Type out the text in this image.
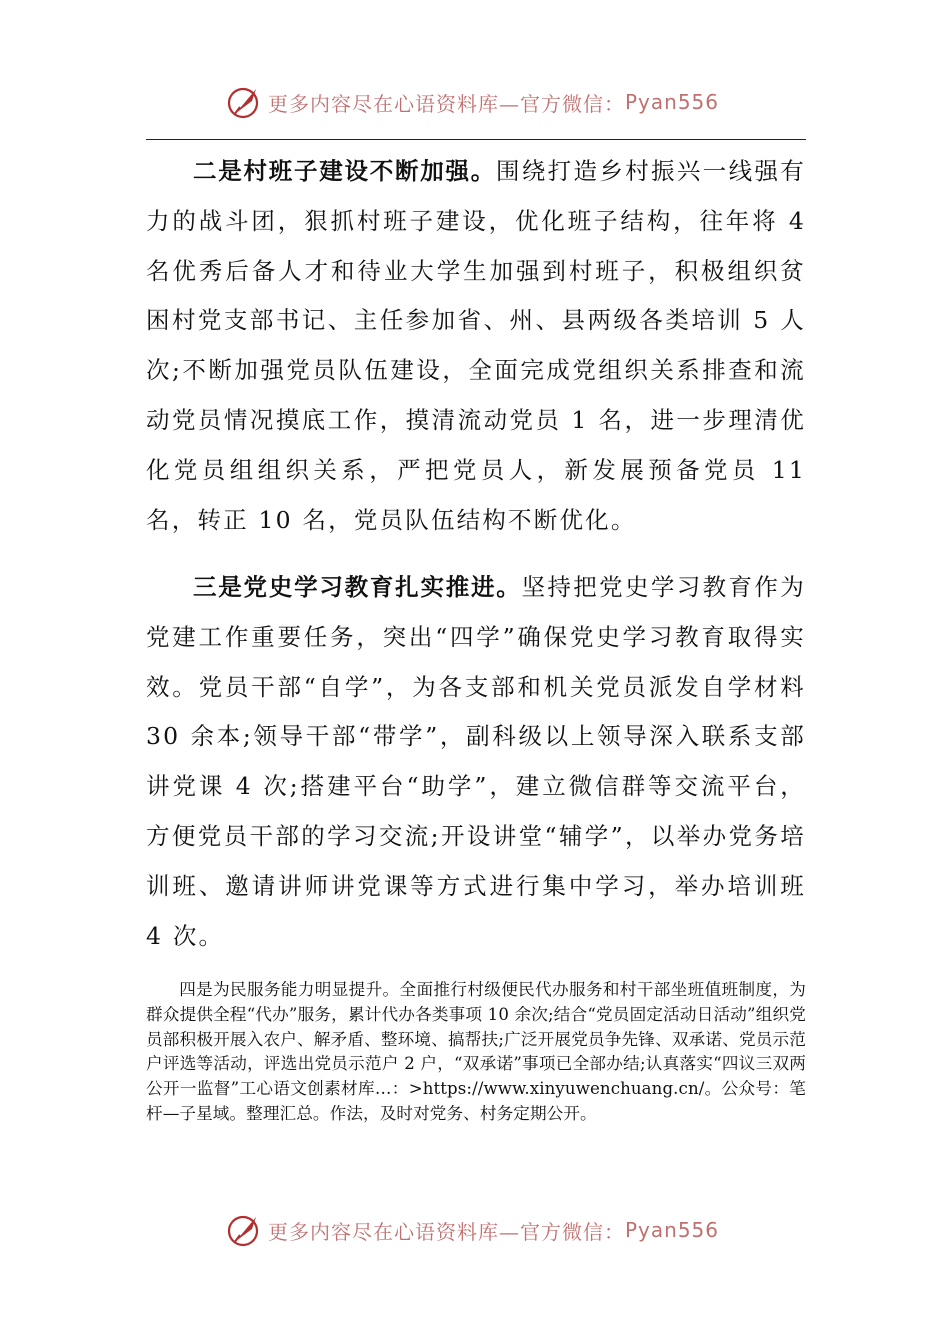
更多内容尽在心语资料库—官方微信： Pyan556

二是村班子建设不断加强。围绕打造乡村振兴一线强有力的战斗团，狠抓村班子建设，优化班子结构，往年将 4 名优秀后备人才和待业大学生加强到村班子，积极组织贫困村党支部书记、主任参加省、州、县两级各类培训 5 人次;不断加强党员队伍建设，全面完成党组织关系排查和流动党员情况摸底工作，摸清流动党员 1 名，进一步理清优化党员组组织关系，严把党员人，新发展预备党员 11 名，转正 10 名，党员队伍结构不断优化。

三是党史学习教育扎实推进。坚持把党史学习教育作为党建工作重要任务，突出“四学”确保党史学习教育取得实效。党员干部“自学”，为各支部和机关党员派发自学材料 30 余本;领导干部“带学”，副科级以上领导深入联系支部讲党课 4 次;搭建平台“助学”，建立微信群等交流平台，方便党员干部的学习交流;开设讲堂“辅学”，以举办党务培训班、邀请讲师讲党课等方式进行集中学习，举办培训班 4 次。

四是为民服务能力明显提升。全面推行村级便民代办服务和村干部坐班值班制度，为群众提供全程“代办”服务，累计代办各类事项 10 余次;结合“党员固定活动日活动”组织党员部积极开展入农户、解矛盾、整环境、搞帮扶;广泛开展党员争先锋、双承诺、党员示范户评选等活动，评选出党员示范户 2 户，“双承诺”事项已全部办结;认真落实“四议三双两公开一监督”工心语文创素材库…：>https://www.xinyuwenchuang.cn/。公众号：笔杆—子星域。整理汇总。作法，及时对党务、村务定期公开。

更多内容尽在心语资料库—官方微信： Pyan556
